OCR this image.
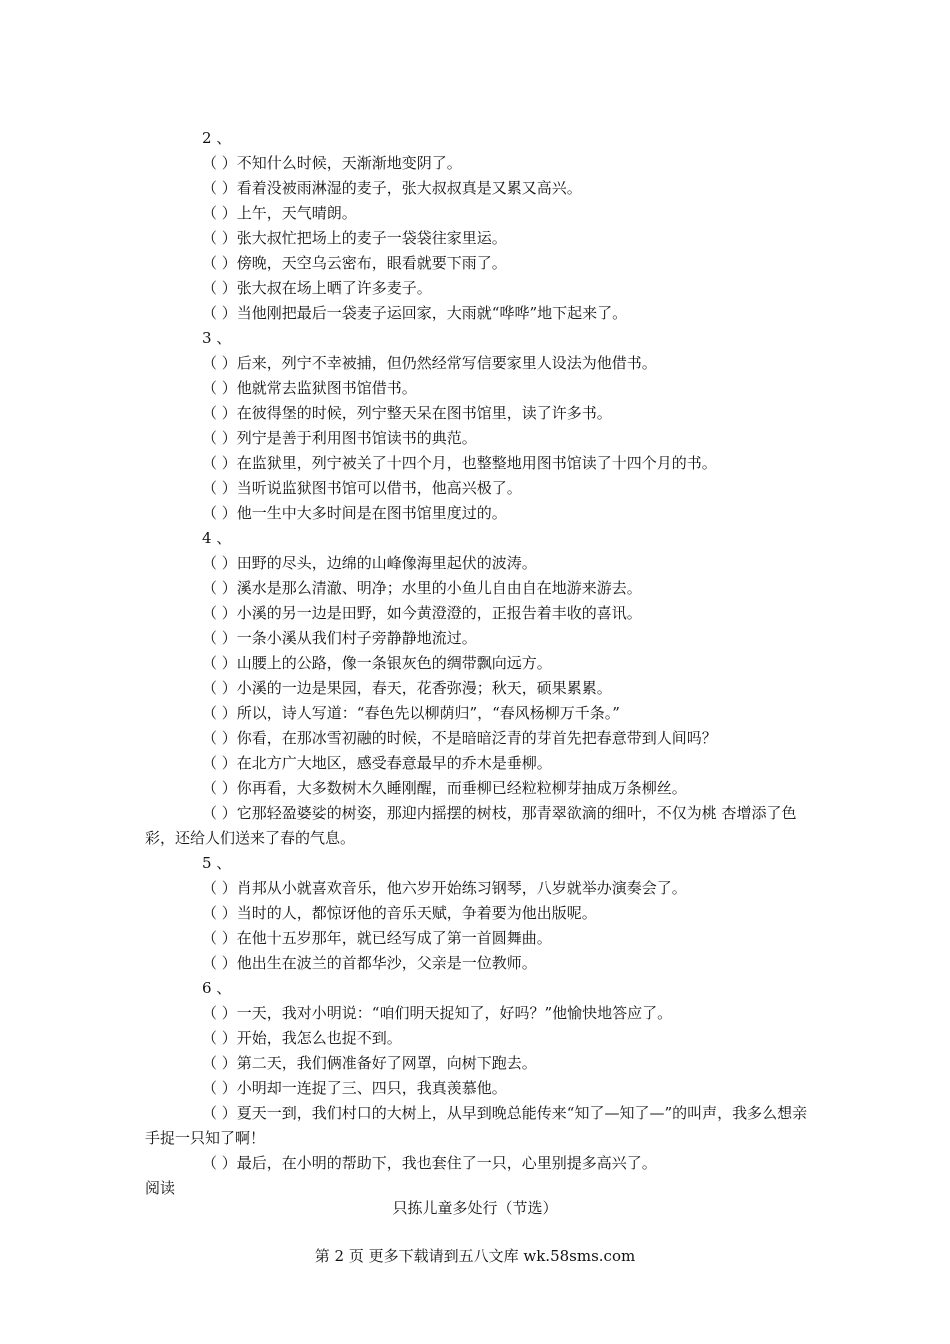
2 、
（ ）不知什么时候，天渐渐地变阴了。
（ ）看着没被雨淋湿的麦子，张大叔叔真是又累又高兴。
（ ）上午，天气晴朗。
（ ）张大叔忙把场上的麦子一袋袋往家里运。
（ ）傍晚，天空乌云密布，眼看就要下雨了。
（ ）张大叔在场上晒了许多麦子。
（ ）当他刚把最后一袋麦子运回家，大雨就“哗哗”地下起来了。
3 、
（ ）后来，列宁不幸被捕，但仍然经常写信要家里人设法为他借书。
（ ）他就常去监狱图书馆借书。
（ ）在彼得堡的时候，列宁整天呆在图书馆里，读了许多书。
（ ）列宁是善于利用图书馆读书的典范。
（ ）在监狱里，列宁被关了十四个月，也整整地用图书馆读了十四个月的书。
（ ）当听说监狱图书馆可以借书，他高兴极了。
（ ）他一生中大多时间是在图书馆里度过的。
4 、
（ ）田野的尽头，边绵的山峰像海里起伏的波涛。
（ ）溪水是那么清澈、明净；水里的小鱼儿自由自在地游来游去。
（ ）小溪的另一边是田野，如今黄澄澄的，正报告着丰收的喜讯。
（ ）一条小溪从我们村子旁静静地流过。
（ ）山腰上的公路，像一条银灰色的绸带飘向远方。
（ ）小溪的一边是果园，春天，花香弥漫；秋天，硕果累累。
（ ）所以，诗人写道：“春色先以柳荫归”，“春风杨柳万千条。”
（ ）你看，在那冰雪初融的时候，不是暗暗泛青的芽首先把春意带到人间吗？
（ ）在北方广大地区，感受春意最早的乔木是垂柳。
（ ）你再看，大多数树木久睡刚醒，而垂柳已经粒粒柳芽抽成万条柳丝。
（ ）它那轻盈婆娑的树姿，那迎内摇摆的树枝，那青翠欲滴的细叶，不仅为桃 杏增添了色彩，还给人们送来了春的气息。
5 、
（ ）肖邦从小就喜欢音乐，他六岁开始练习钢琴，八岁就举办演奏会了。
（ ）当时的人，都惊讶他的音乐天赋，争着要为他出版呢。
（ ）在他十五岁那年，就已经写成了第一首圆舞曲。
（ ）他出生在波兰的首都华沙，父亲是一位教师。
6 、
（ ）一天，我对小明说：“咱们明天捉知了，好吗？”他愉快地答应了。
（ ）开始，我怎么也捉不到。
（ ）第二天，我们俩准备好了网罩，向树下跑去。
（ ）小明却一连捉了三、四只，我真羡慕他。
（ ）夏天一到，我们村口的大树上，从早到晚总能传来“知了—知了—”的叫声，我多么想亲 手捉一只知了啊！
（ ）最后，在小明的帮助下，我也套住了一只，心里别提多高兴了。
阅读
只拣儿童多处行（节选）
第 2 页 更多下载请到五八文库 wk.58sms.com
